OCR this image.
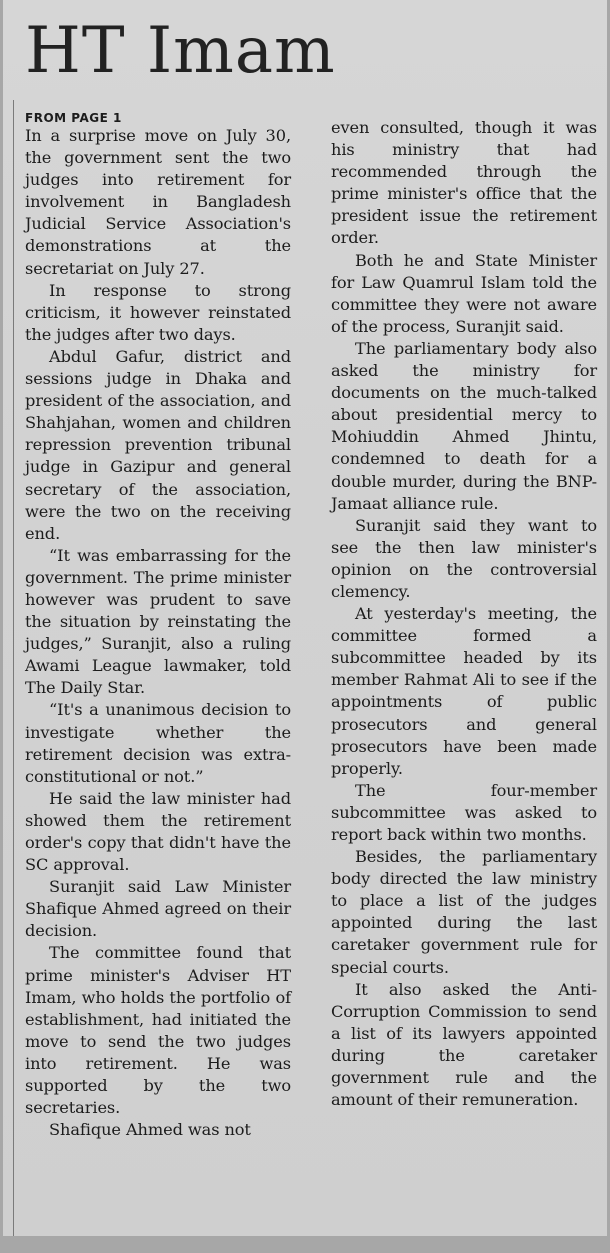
HT Imam
FROM PAGE 1

In a surprise move on July 30, the government sent the two judges into retirement for involvement in Bangladesh Judicial Service Association's demonstrations at the secretariat on July 27.

In response to strong criticism, it however reinstated the judges after two days.

Abdul Gafur, district and sessions judge in Dhaka and president of the association, and Shahjahan, women and children repression prevention tribunal judge in Gazipur and general secretary of the association, were the two on the receiving end.

“It was embarrassing for the government. The prime minister however was prudent to save the situation by reinstating the judges,” Suranjit, also a ruling Awami League lawmaker, told The Daily Star.

“It's a unanimous decision to investigate whether the retirement decision was extra-constitutional or not.”

He said the law minister had showed them the retirement order's copy that didn't have the SC approval.

Suranjit said Law Minister Shafique Ahmed agreed on their decision.

The committee found that prime minister's Adviser HT Imam, who holds the portfolio of establishment, had initiated the move to send the two judges into retirement. He was supported by the two secretaries.

Shafique Ahmed was not

even consulted, though it was his ministry that had recommended through the prime minister's office that the president issue the retirement order.

Both he and State Minister for Law Quamrul Islam told the committee they were not aware of the process, Suranjit said.

The parliamentary body also asked the ministry for documents on the much-talked about presidential mercy to Mohiuddin Ahmed Jhintu, condemned to death for a double murder, during the BNP-Jamaat alliance rule.

Suranjit said they want to see the then law minister's opinion on the controversial clemency.

At yesterday's meeting, the committee formed a subcommittee headed by its member Rahmat Ali to see if the appointments of public prosecutors and general prosecutors have been made properly.

The four-member subcommittee was asked to report back within two months.

Besides, the parliamentary body directed the law ministry to place a list of the judges appointed during the last caretaker government rule for special courts.

It also asked the Anti-Corruption Commission to send a list of its lawyers appointed during the caretaker government rule and the amount of their remuneration.
